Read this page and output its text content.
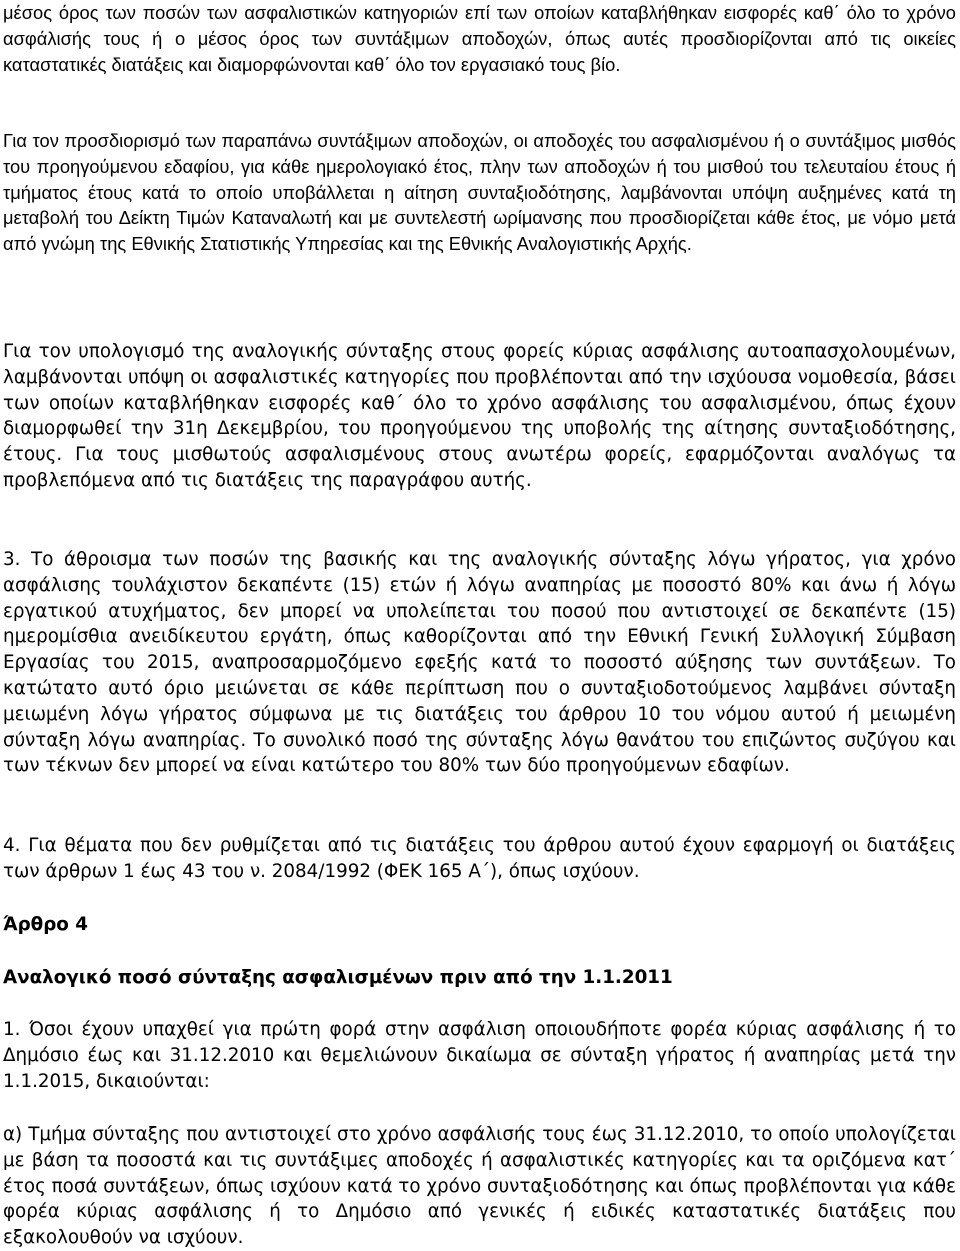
μέσος όρος των ποσών των ασφαλιστικών κατηγοριών επί των οποίων καταβλήθηκαν εισφορές καθ΄ όλο το χρόνο ασφάλισής τους ή ο μέσος όρος των συντάξιμων αποδοχών, όπως αυτές προσδιορίζονται από τις οικείες καταστατικές διατάξεις και διαμορφώνονται καθ΄ όλο τον εργασιακό τους βίο.

Για τον προσδιορισμό των παραπάνω συντάξιμων αποδοχών, οι αποδοχές του ασφαλισμένου ή ο συντάξιμος μισθός του προηγούμενου εδαφίου, για κάθε ημερολογιακό έτος, πλην των αποδοχών ή του μισθού του τελευταίου έτους ή τμήματος έτους κατά το οποίο υποβάλλεται η αίτηση συνταξιοδότησης, λαμβάνονται υπόψη αυξημένες κατά τη μεταβολή του Δείκτη Τιμών Καταναλωτή και με συντελεστή ωρίμανσης που προσδιορίζεται κάθε έτος, με νόμο μετά από γνώμη της Εθνικής Στατιστικής Υπηρεσίας και της Εθνικής Αναλογιστικής Αρχής.

Για τον υπολογισμό της αναλογικής σύνταξης στους φορείς κύριας ασφάλισης αυτοαπασχολουμένων, λαμβάνονται υπόψη οι ασφαλιστικές κατηγορίες που προβλέπονται από την ισχύουσα νομοθεσία, βάσει των οποίων καταβλήθηκαν εισφορές καθ΄ όλο το χρόνο ασφάλισης του ασφαλισμένου, όπως έχουν διαμορφωθεί την 31η Δεκεμβρίου, του προηγούμενου της υποβολής της αίτησης συνταξιοδότησης, έτους. Για τους μισθωτούς ασφαλισμένους στους ανωτέρω φορείς, εφαρμόζονται αναλόγως τα προβλεπόμενα από τις διατάξεις της παραγράφου αυτής.

3. Το άθροισμα των ποσών της βασικής και της αναλογικής σύνταξης λόγω γήρατος, για χρόνο ασφάλισης τουλάχιστον δεκαπέντε (15) ετών ή λόγω αναπηρίας με ποσοστό 80% και άνω ή λόγω εργατικού ατυχήματος, δεν μπορεί να υπολείπεται του ποσού που αντιστοιχεί σε δεκαπέντε (15) ημερομίσθια ανειδίκευτου εργάτη, όπως καθορίζονται από την Εθνική Γενική Συλλογική Σύμβαση Εργασίας του 2015, αναπροσαρμοζόμενο εφεξής κατά το ποσοστό αύξησης των συντάξεων. Το κατώτατο αυτό όριο μειώνεται σε κάθε περίπτωση που ο συνταξιοδοτούμενος λαμβάνει σύνταξη μειωμένη λόγω γήρατος σύμφωνα με τις διατάξεις του άρθρου 10 του νόμου αυτού ή μειωμένη σύνταξη λόγω αναπηρίας. Το συνολικό ποσό της σύνταξης λόγω θανάτου του επιζώντος συζύγου και των τέκνων δεν μπορεί να είναι κατώτερο του 80% των δύο προηγούμενων εδαφίων.

4. Για θέματα που δεν ρυθμίζεται από τις διατάξεις του άρθρου αυτού έχουν εφαρμογή οι διατάξεις των άρθρων 1 έως 43 του ν. 2084/1992 (ΦΕΚ 165 Α΄), όπως ισχύουν.

Άρθρο 4

Αναλογικό ποσό σύνταξης ασφαλισμένων πριν από την 1.1.2011

1. Όσοι έχουν υπαχθεί για πρώτη φορά στην ασφάλιση οποιουδήποτε φορέα κύριας ασφάλισης ή το Δημόσιο έως και 31.12.2010 και θεμελιώνουν δικαίωμα σε σύνταξη γήρατος ή αναπηρίας μετά την 1.1.2015, δικαιούνται:

α) Τμήμα σύνταξης που αντιστοιχεί στο χρόνο ασφάλισής τους έως 31.12.2010, το οποίο υπολογίζεται με βάση τα ποσοστά και τις συντάξιμες αποδοχές ή ασφαλιστικές κατηγορίες και τα οριζόμενα κατ΄ έτος ποσά συντάξεων, όπως ισχύουν κατά το χρόνο συνταξιοδότησης και όπως προβλέπονται για κάθε φορέα κύριας ασφάλισης ή το Δημόσιο από γενικές ή ειδικές καταστατικές διατάξεις που εξακολουθούν να ισχύουν.
